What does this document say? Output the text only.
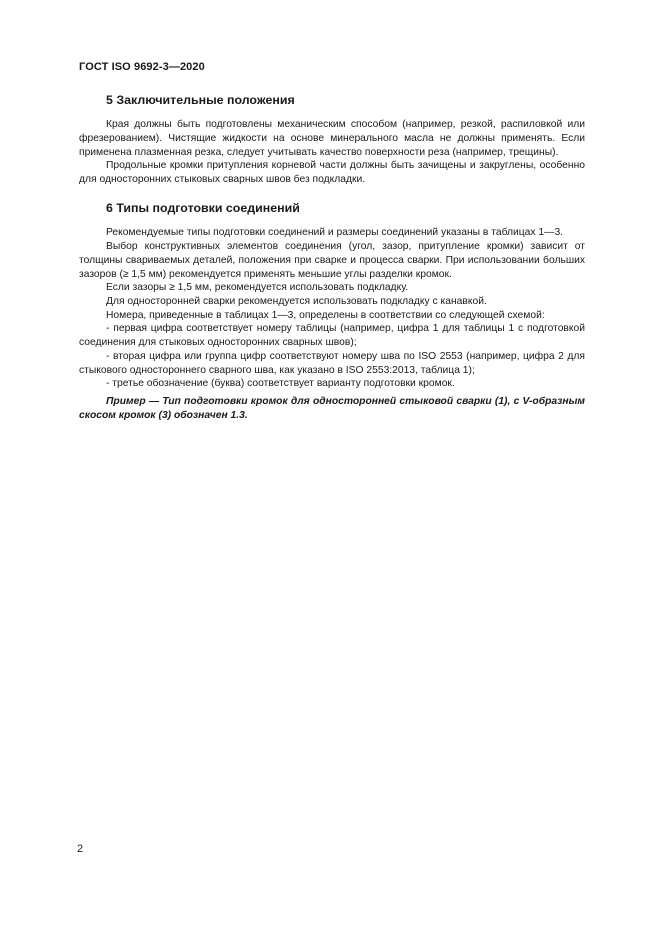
ГОСТ ISO 9692-3—2020

5 Заключительные положения

Края должны быть подготовлены механическим способом (например, резкой, распиловкой или фрезерованием). Чистящие жидкости на основе минерального масла не должны применять. Если применена плазменная резка, следует учитывать качество поверхности реза (например, трещины).

Продольные кромки притупления корневой части должны быть зачищены и закруглены, особенно для односторонних стыковых сварных швов без подкладки.

6 Типы подготовки соединений

Рекомендуемые типы подготовки соединений и размеры соединений указаны в таблицах 1—3.

Выбор конструктивных элементов соединения (угол, зазор, притупление кромки) зависит от толщины свариваемых деталей, положения при сварке и процесса сварки. При использовании больших зазоров (≥ 1,5 мм) рекомендуется применять меньшие углы разделки кромок.

Если зазоры ≥ 1,5 мм, рекомендуется использовать подкладку.

Для односторонней сварки рекомендуется использовать подкладку с канавкой.

Номера, приведенные в таблицах 1—3, определены в соответствии со следующей схемой:

- первая цифра соответствует номеру таблицы (например, цифра 1 для таблицы 1 с подготовкой соединения для стыковых односторонних сварных швов);

- вторая цифра или группа цифр соответствуют номеру шва по ISO 2553 (например, цифра 2 для стыкового одностороннего сварного шва, как указано в ISO 2553:2013, таблица 1);

- третье обозначение (буква) соответствует варианту подготовки кромок.

Пример — Тип подготовки кромок для односторонней стыковой сварки (1), с V-образным скосом кромок (3) обозначен 1.3.

2
